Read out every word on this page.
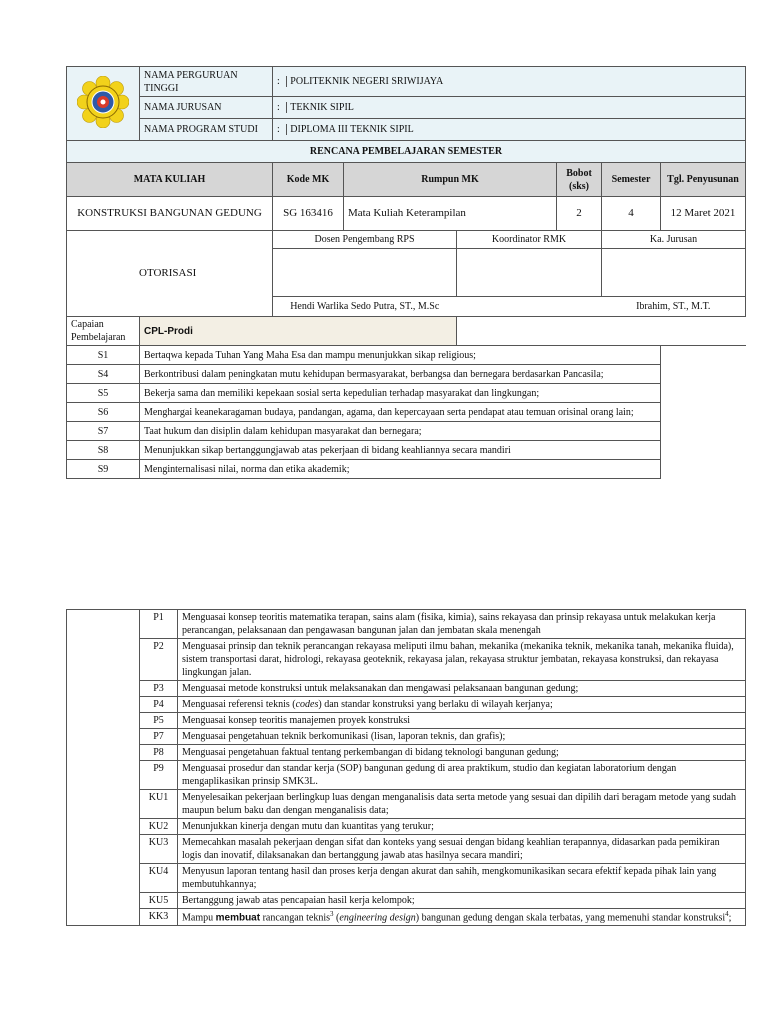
	NAMA PERGURUAN TINGGI	: POLITEKNIK NEGERI SRIWIJAYA					
	NAMA JURUSAN	: TEKNIK SIPIL					
	NAMA PROGRAM STUDI	: DIPLOMA III TEKNIK SIPIL					
RENCANA PEMBELAJARAN SEMESTER							
MATA KULIAH		Kode MK	Rumpun MK		Bobot (sks)	Semester	Tgl. Penyusunan
KONSTRUKSI BANGUNAN GEDUNG		SG 163416	Mata Kuliah Keterampilan		2	4	12 Maret 2021
OTORISASI		Dosen Pengembang RPS		Koordinator RMK		Ka. Jurusan	

		Hendi Warlika Sedo Putra, ST., M.Sc				Ibrahim, ST., M.T.	
Capaian Pembelajaran	CPL-Prodi						
S1	Bertaqwa kepada Tuhan Yang Maha Esa dan mampu menunjukkan sikap religious;						
S4	Berkontribusi dalam peningkatan mutu kehidupan bermasyarakat, berbangsa dan bernegara berdasarkan Pancasila;						
S5	Bekerja sama dan memiliki kepekaan sosial serta kepedulian terhadap masyarakat dan lingkungan;						
S6	Menghargai keanekaragaman budaya, pandangan, agama, dan kepercayaan serta pendapat atau temuan orisinal orang lain;						
S7	Taat hukum dan disiplin dalam kehidupan masyarakat dan bernegara;						
S8	Menunjukkan sikap bertanggungjawab atas pekerjaan di bidang keahliannya secara mandiri						
S9	Menginternalisasi nilai, norma dan etika akademik;						
	P1	Menguasai konsep teoritis matematika terapan, sains alam (fisika, kimia), sains rekayasa dan prinsip rekayasa untuk melakukan kerja perancangan, pelaksanaan dan pengawasan bangunan jalan dan jembatan skala menengah
	P2	Menguasai prinsip dan teknik perancangan rekayasa meliputi ilmu bahan, mekanika (mekanika teknik, mekanika tanah, mekanika fluida), sistem transportasi darat, hidrologi, rekayasa geoteknik, rekayasa jalan, rekayasa struktur jembatan, rekayasa konstruksi, dan rekayasa lingkungan jalan.
	P3	Menguasai metode konstruksi untuk melaksanakan dan mengawasi pelaksanaan bangunan gedung;
	P4	Menguasai referensi teknis (codes) dan standar konstruksi yang berlaku di wilayah kerjanya;
	P5	Menguasai konsep teoritis manajemen proyek konstruksi
	P7	Menguasai pengetahuan teknik berkomunikasi (lisan, laporan teknis, dan grafis);
	P8	Menguasai pengetahuan faktual tentang perkembangan di bidang teknologi bangunan gedung;
	P9	Menguasai prosedur dan standar kerja (SOP) bangunan gedung di area praktikum, studio dan kegiatan laboratorium dengan mengaplikasikan prinsip SMK3L.
	KU1	Menyelesaikan pekerjaan berlingkup luas dengan menganalisis data serta metode yang sesuai dan dipilih dari beragam metode yang sudah maupun belum baku dan dengan menganalisis data;
	KU2	Menunjukkan kinerja dengan mutu dan kuantitas yang terukur;
	KU3	Memecahkan masalah pekerjaan dengan sifat dan konteks yang sesuai dengan bidang keahlian terapannya, didasarkan pada pemikiran logis dan inovatif, dilaksanakan dan bertanggung jawab atas hasilnya secara mandiri;
	KU4	Menyusun laporan tentang hasil dan proses kerja dengan akurat dan sahih, mengkomunikasikan secara efektif kepada pihak lain yang membutuhkannya;
	KU5	Bertanggung jawab atas pencapaian hasil kerja kelompok;
	KK3	Mampu membuat rancangan teknis$^3$ (engineering design) bangunan gedung dengan skala terbatas, yang memenuhi standar konstruksi$^4$;
